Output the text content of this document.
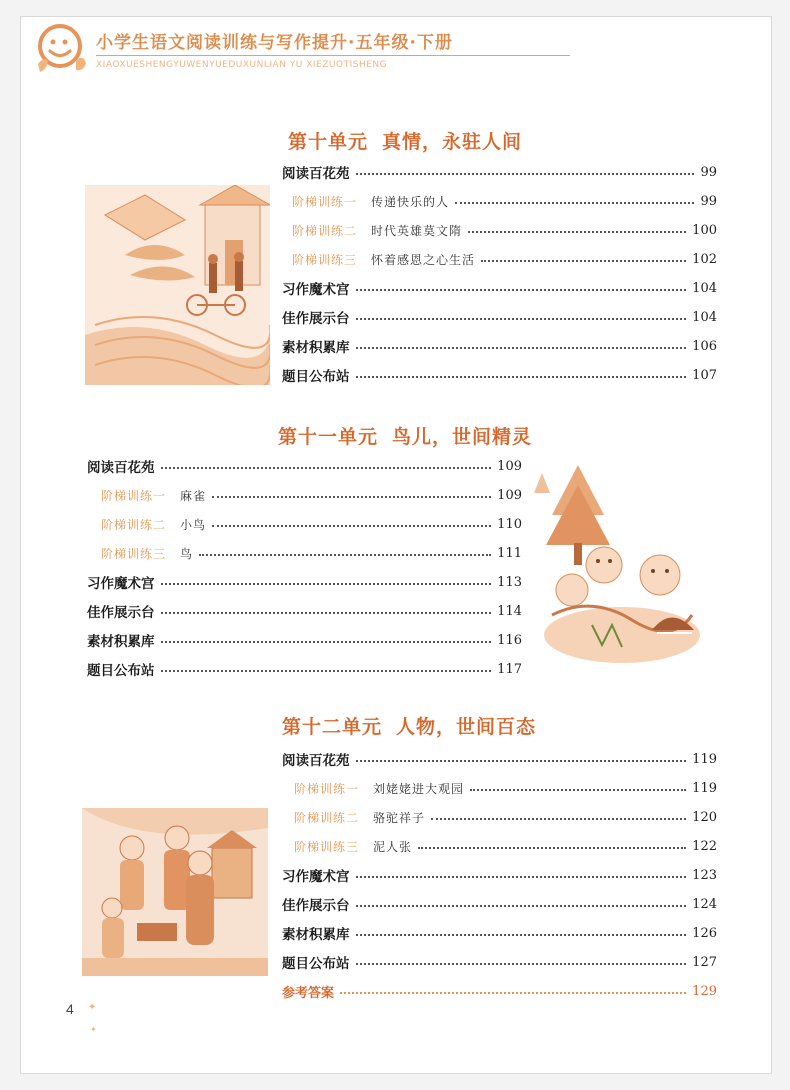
小学生语文阅读训练与写作提升·五年级·下册
XIAOXUESHENGYUWENYUEDUXUNLIAN YU XIEZUOTISHENG
第十单元 真情，永驻人间
阅读百花苑	99
阶梯训练一 传递快乐的人	99
阶梯训练二 时代英雄莫文隋	100
阶梯训练三 怀着感恩之心生活	102
习作魔术宫	104
佳作展示台	104
素材积累库	106
题目公布站	107
第十一单元 鸟儿，世间精灵
阅读百花苑	109
阶梯训练一 麻雀	109
阶梯训练二 小鸟	110
阶梯训练三 鸟	111
习作魔术宫	113
佳作展示台	114
素材积累库	116
题目公布站	117
第十二单元 人物，世间百态
阅读百花苑	119
阶梯训练一 刘姥姥进大观园	119
阶梯训练二 骆驼祥子	120
阶梯训练三 泥人张	122
习作魔术宫	123
佳作展示台	124
素材积累库	126
题目公布站	127
参考答案	129
✦
✦
4
